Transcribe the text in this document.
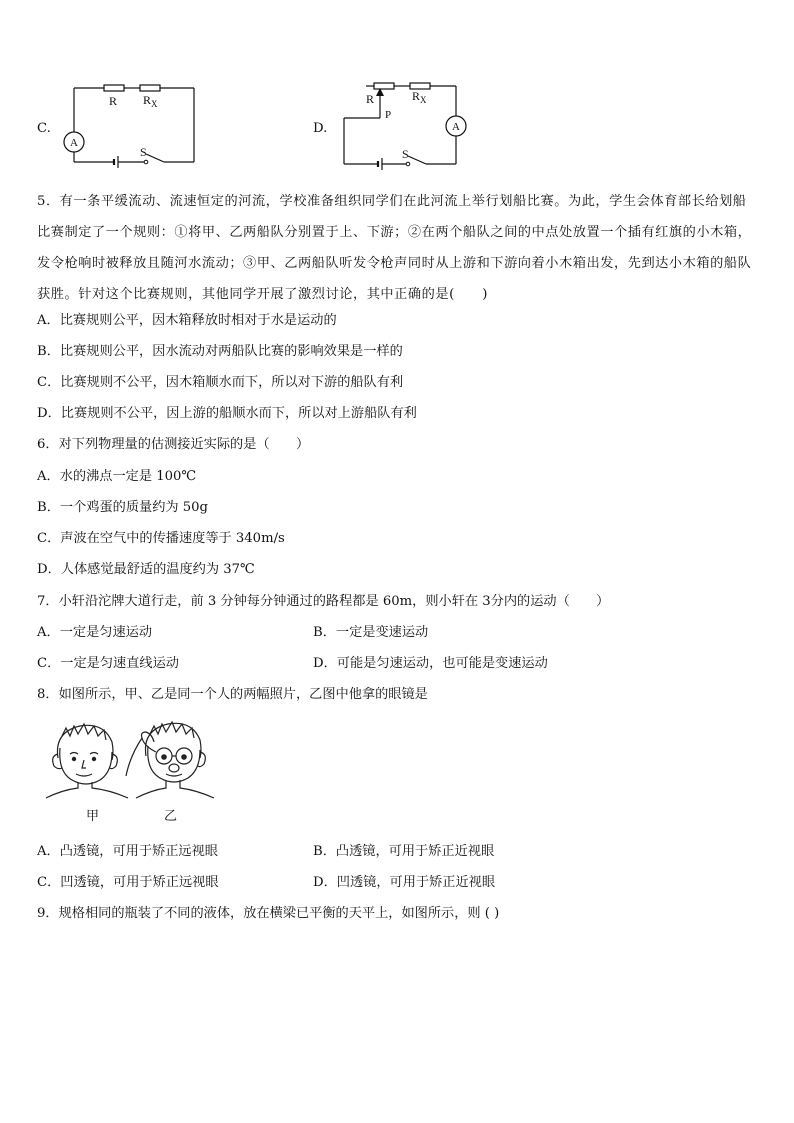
C.
A
R $R_X$
S
D.	A
R
P
$R_X$
S
5．有一条平缓流动、流速恒定的河流，学校准备组织同学们在此河流上举行划船比赛。为此，学生会体育部长给划船比赛制定了一个规则：①将甲、乙两船队分别置于上、下游；②在两个船队之间的中点处放置一个插有红旗的小木箱，发令枪响时被释放且随河水流动；③甲、乙两船队听发令枪声同时从上游和下游向着小木箱出发，先到达小木箱的船队获胜。针对这个比赛规则，其他同学开展了激烈讨论，其中正确的是(　　)
A．比赛规则公平，因木箱释放时相对于水是运动的
B．比赛规则公平，因水流动对两船队比赛的影响效果是一样的
C．比赛规则不公平，因木箱顺水而下，所以对下游的船队有利
D．比赛规则不公平，因上游的船顺水而下，所以对上游船队有利
6．对下列物理量的估测接近实际的是（　　）
A．水的沸点一定是 100℃
B．一个鸡蛋的质量约为 50g
C．声波在空气中的传播速度等于 340m/s
D．人体感觉最舒适的温度约为 37℃
7．小轩沿沱牌大道行走，前 3 分钟每分钟通过的路程都是 60m，则小轩在 3分内的运动（　　）
A．一定是匀速运动	B．一定是变速运动
C．一定是匀速直线运动	D．可能是匀速运动，也可能是变速运动
8．如图所示，甲、乙是同一个人的两幅照片，乙图中他拿的眼镜是
甲	乙
A．凸透镜，可用于矫正远视眼	B．凸透镜，可用于矫正近视眼
C．凹透镜，可用于矫正远视眼	D．凹透镜，可用于矫正近视眼
9．规格相同的瓶装了不同的液体，放在横梁已平衡的天平上，如图所示，则 ( )
